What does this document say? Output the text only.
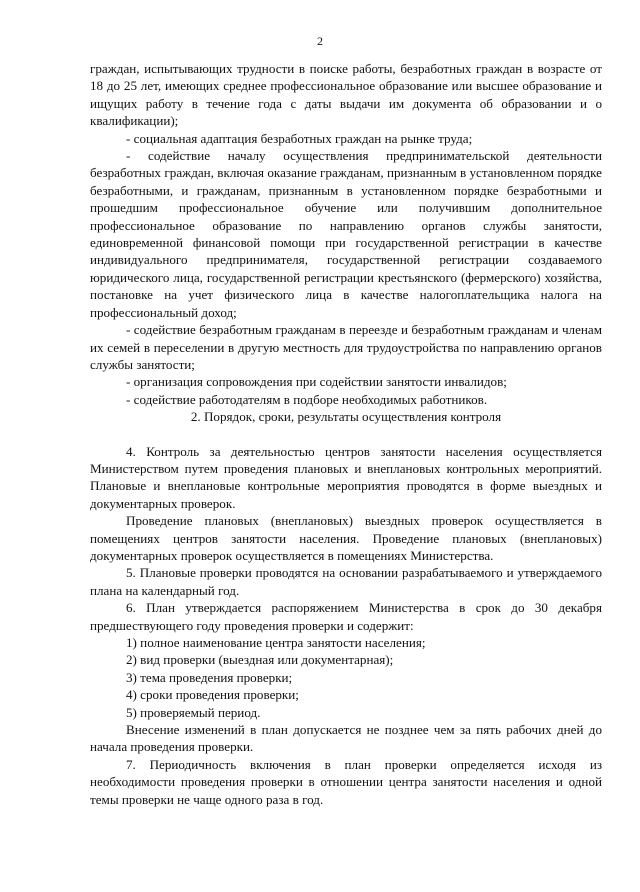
2

граждан, испытывающих трудности в поиске работы, безработных граждан в возрасте от 18 до 25 лет, имеющих среднее профессиональное образование или высшее образование и ищущих работу в течение года с даты выдачи им документа об образовании и о квалификации);

- социальная адаптация безработных граждан на рынке труда;
- содействие началу осуществления предпринимательской деятельности безработных граждан, включая оказание гражданам, признанным в установленном порядке безработными, и гражданам, признанным в установленном порядке безработными и прошедшим профессиональное обучение или получившим дополнительное профессиональное образование по направлению органов службы занятости, единовременной финансовой помощи при государственной регистрации в качестве индивидуального предпринимателя, государственной регистрации создаваемого юридического лица, государственной регистрации крестьянского (фермерского) хозяйства, постановке на учет физического лица в качестве налогоплательщика налога на профессиональный доход;
- содействие безработным гражданам в переезде и безработным гражданам и членам их семей в переселении в другую местность для трудоустройства по направлению органов службы занятости;
- организация сопровождения при содействии занятости инвалидов;
- содействие работодателям в подборе необходимых работников.

2. Порядок, сроки, результаты осуществления контроля

4. Контроль за деятельностью центров занятости населения осуществляется Министерством путем проведения плановых и внеплановых контрольных мероприятий. Плановые и внеплановые контрольные мероприятия проводятся в форме выездных и документарных проверок.

Проведение плановых (внеплановых) выездных проверок осуществляется в помещениях центров занятости населения. Проведение плановых (внеплановых) документарных проверок осуществляется в помещениях Министерства.

5. Плановые проверки проводятся на основании разрабатываемого и утверждаемого плана на календарный год.

6. План утверждается распоряжением Министерства в срок до 30 декабря предшествующего году проведения проверки и содержит:

1) полное наименование центра занятости населения;
2) вид проверки (выездная или документарная);
3) тема проведения проверки;
4) сроки проведения проверки;
5) проверяемый период.

Внесение изменений в план допускается не позднее чем за пять рабочих дней до начала проведения проверки.

7. Периодичность включения в план проверки определяется исходя из необходимости проведения проверки в отношении центра занятости населения и одной темы проверки не чаще одного раза в год.
